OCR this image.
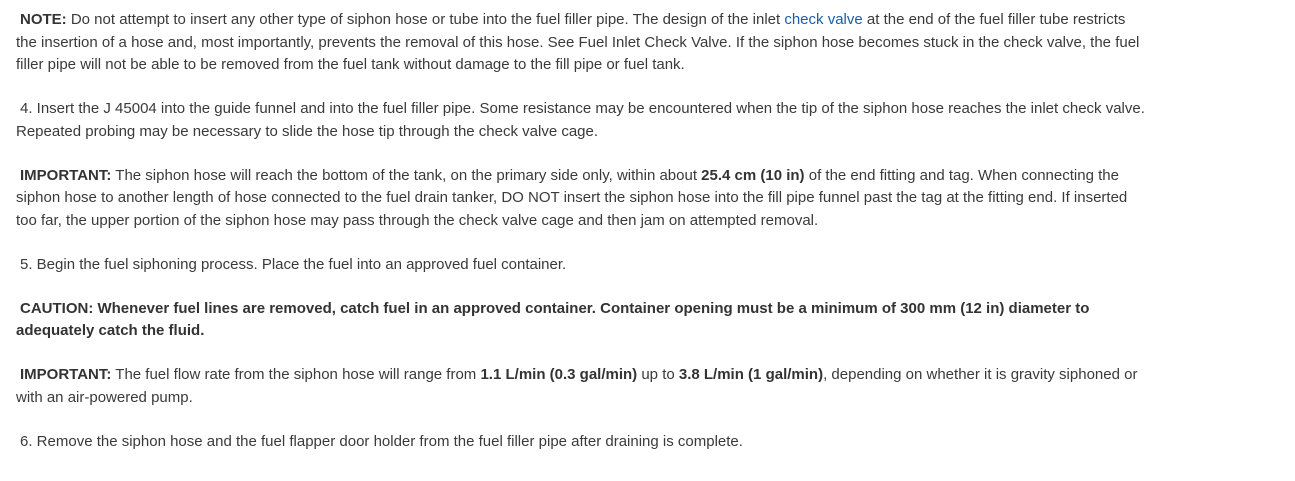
NOTE: Do not attempt to insert any other type of siphon hose or tube into the fuel filler pipe. The design of the inlet check valve at the end of the fuel filler tube restricts the insertion of a hose and, most importantly, prevents the removal of this hose. See Fuel Inlet Check Valve. If the siphon hose becomes stuck in the check valve, the fuel filler pipe will not be able to be removed from the fuel tank without damage to the fill pipe or fuel tank.

4. Insert the J 45004 into the guide funnel and into the fuel filler pipe. Some resistance may be encountered when the tip of the siphon hose reaches the inlet check valve. Repeated probing may be necessary to slide the hose tip through the check valve cage.

IMPORTANT: The siphon hose will reach the bottom of the tank, on the primary side only, within about 25.4 cm (10 in) of the end fitting and tag. When connecting the siphon hose to another length of hose connected to the fuel drain tanker, DO NOT insert the siphon hose into the fill pipe funnel past the tag at the fitting end. If inserted too far, the upper portion of the siphon hose may pass through the check valve cage and then jam on attempted removal.

5. Begin the fuel siphoning process. Place the fuel into an approved fuel container.

CAUTION: Whenever fuel lines are removed, catch fuel in an approved container. Container opening must be a minimum of 300 mm (12 in) diameter to adequately catch the fluid.

IMPORTANT: The fuel flow rate from the siphon hose will range from 1.1 L/min (0.3 gal/min) up to 3.8 L/min (1 gal/min), depending on whether it is gravity siphoned or with an air-powered pump.

6. Remove the siphon hose and the fuel flapper door holder from the fuel filler pipe after draining is complete.
